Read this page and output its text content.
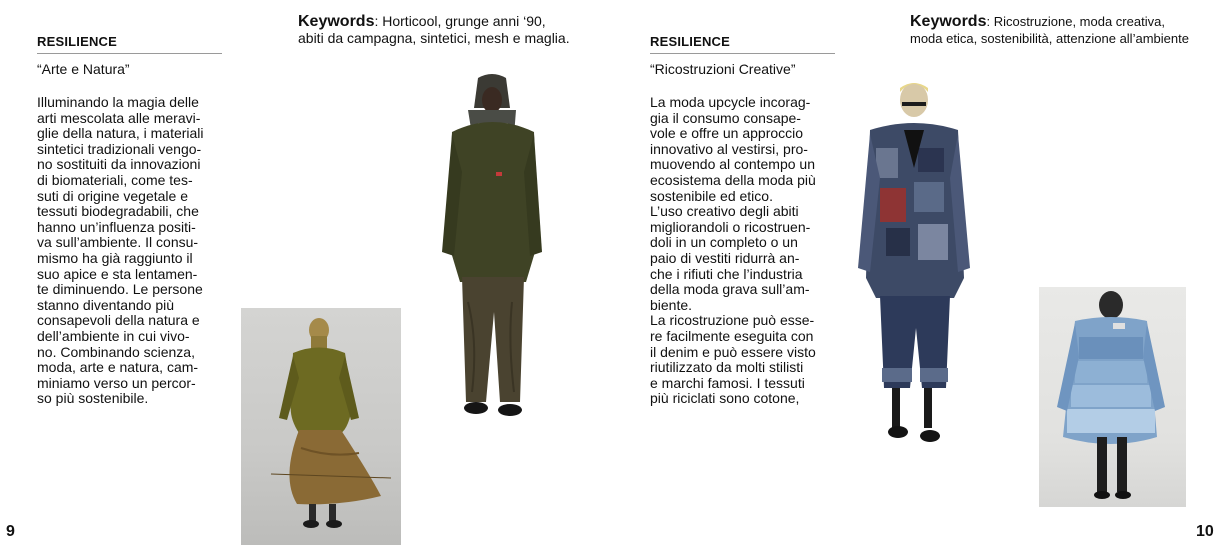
RESILIENCE
“Arte e Natura”
Illuminando la magia delle
arti mescolata alle meravi-
glie della natura, i materiali
sintetici tradizionali vengo-
no sostituiti da innovazioni
di biomateriali, come tes-
suti di origine vegetale e
tessuti biodegradabili, che
hanno un’influenza positi-
va sull’ambiente. Il consu-
mismo ha già raggiunto il
suo apice e sta lentamen-
te diminuendo. Le persone
stanno diventando più
consapevoli della natura e
dell’ambiente in cui vivo-
no. Combinando scienza,
moda, arte e natura, cam-
miniamo verso un percor-
so più sostenibile.
Keywords: Horticool, grunge anni ‘90,
abiti da campagna, sintetici, mesh e maglia.
9
RESILIENCE
“Ricostruzioni Creative”
La moda upcycle incorag-
gia il consumo consape-
vole e offre un approccio
innovativo al vestirsi, pro-
muovendo al contempo un
ecosistema della moda più
sostenibile ed etico.
L’uso creativo degli abiti
migliorandoli o ricostruen-
doli in un completo o un
paio di vestiti ridurrà an-
che i rifiuti che l’industria
della moda grava sull’am-
biente.
La ricostruzione può esse-
re facilmente eseguita con
il denim e può essere visto
riutilizzato da molti stilisti
e marchi famosi. I tessuti
più riciclati sono cotone,
Keywords: Ricostruzione, moda creativa,
moda etica, sostenibilità, attenzione all’ambiente
10
